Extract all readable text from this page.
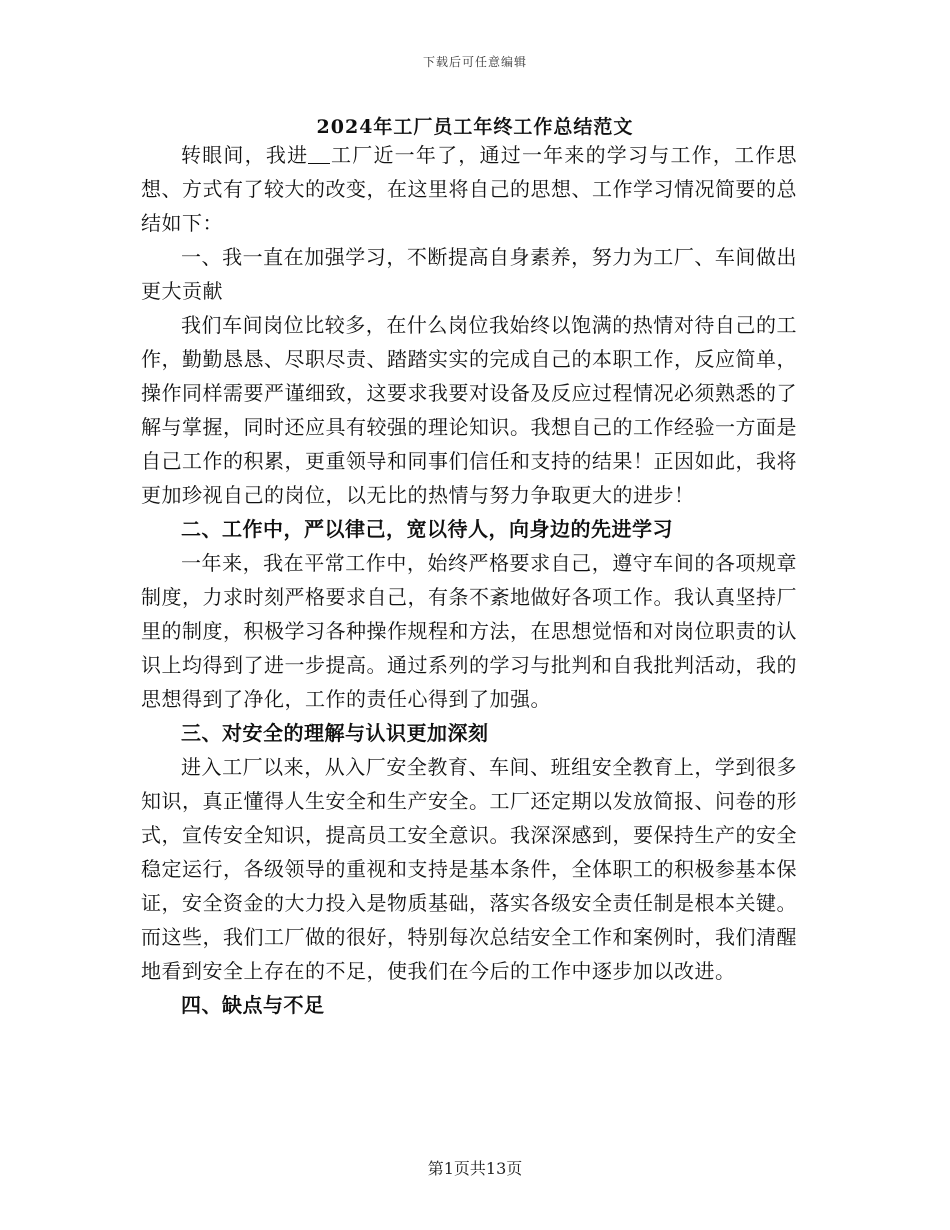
下载后可任意编辑
2024年工厂员工年终工作总结范文

转眼间，我进 工厂近一年了，通过一年来的学习与工作，工作思想、方式有了较大的改变，在这里将自己的思想、工作学习情况简要的总结如下：

一、我一直在加强学习，不断提高自身素养，努力为工厂、车间做出更大贡献

我们车间岗位比较多，在什么岗位我始终以饱满的热情对待自己的工作，勤勤恳恳、尽职尽责、踏踏实实的完成自己的本职工作，反应简单，操作同样需要严谨细致，这要求我要对设备及反应过程情况必须熟悉的了解与掌握，同时还应具有较强的理论知识。我想自己的工作经验一方面是自己工作的积累，更重领导和同事们信任和支持的结果！正因如此，我将更加珍视自己的岗位，以无比的热情与努力争取更大的进步！

二、工作中，严以律己，宽以待人，向身边的先进学习

一年来，我在平常工作中，始终严格要求自己，遵守车间的各项规章制度，力求时刻严格要求自己，有条不紊地做好各项工作。我认真坚持厂里的制度，积极学习各种操作规程和方法，在思想觉悟和对岗位职责的认识上均得到了进一步提高。通过系列的学习与批判和自我批判活动，我的思想得到了净化，工作的责任心得到了加强。

三、对安全的理解与认识更加深刻

进入工厂以来，从入厂安全教育、车间、班组安全教育上，学到很多知识，真正懂得人生安全和生产安全。工厂还定期以发放简报、问卷的形式，宣传安全知识，提高员工安全意识。我深深感到，要保持生产的安全稳定运行，各级领导的重视和支持是基本条件，全体职工的积极参基本保证，安全资金的大力投入是物质基础，落实各级安全责任制是根本关键。而这些，我们工厂做的很好，特别每次总结安全工作和案例时，我们清醒地看到安全上存在的不足，使我们在今后的工作中逐步加以改进。

四、缺点与不足

第1页共13页
